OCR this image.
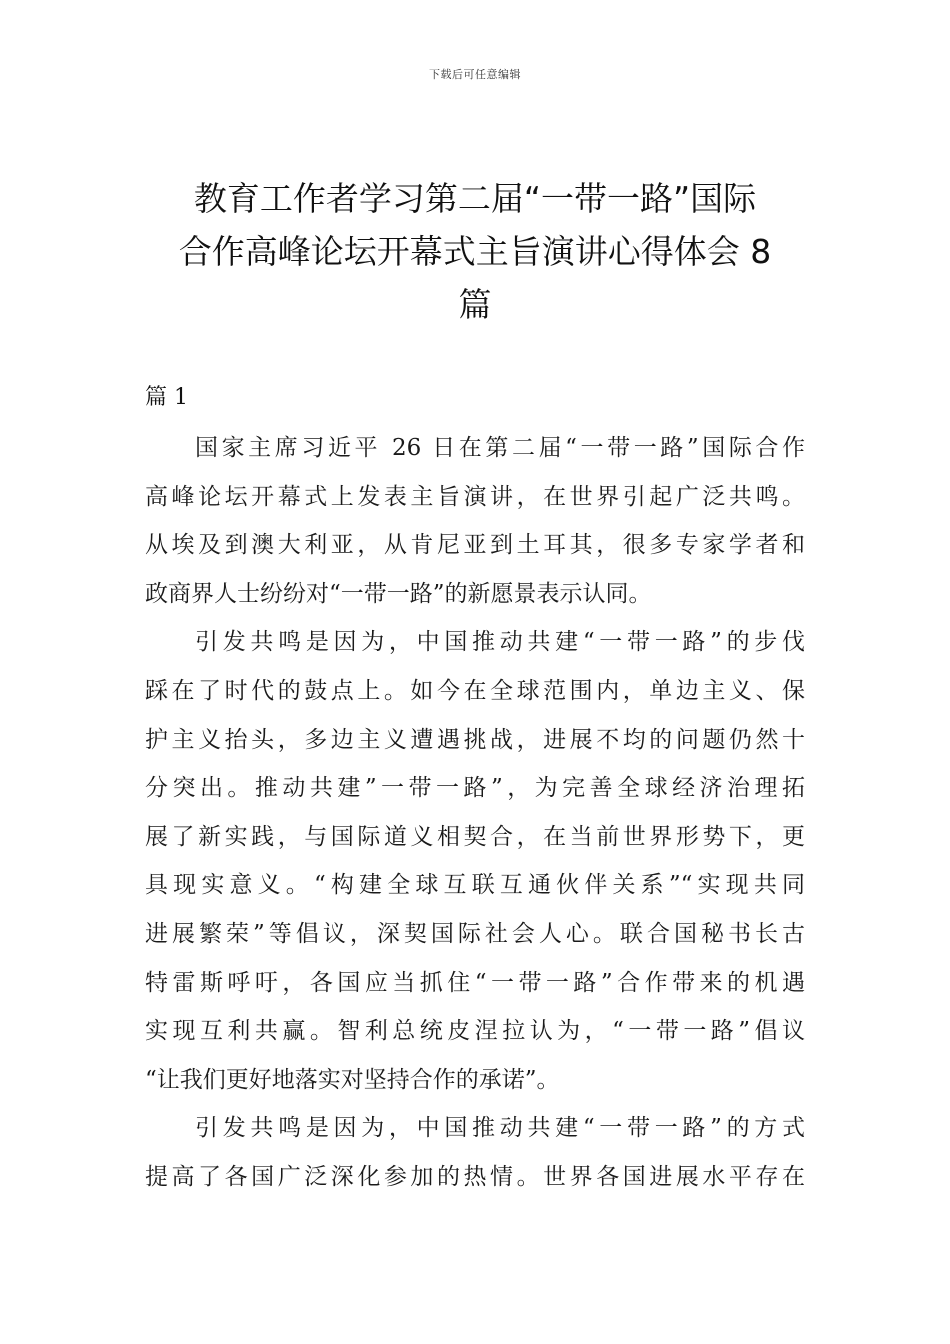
下载后可任意编辑
教育工作者学习第二届“一带一路”国际
合作高峰论坛开幕式主旨演讲心得体会 8
篇
篇 1

国家主席习近平 26 日在第二届“一带一路”国际合作
高峰论坛开幕式上发表主旨演讲，在世界引起广泛共鸣。
从埃及到澳大利亚，从肯尼亚到土耳其，很多专家学者和
政商界人士纷纷对“一带一路”的新愿景表示认同。

引发共鸣是因为，中国推动共建“一带一路”的步伐
踩在了时代的鼓点上。如今在全球范围内，单边主义、保
护主义抬头，多边主义遭遇挑战，进展不均的问题仍然十
分突出。推动共建”一带一路”，为完善全球经济治理拓
展了新实践，与国际道义相契合，在当前世界形势下，更
具现实意义。“构建全球互联互通伙伴关系”“实现共同
进展繁荣”等倡议，深契国际社会人心。联合国秘书长古
特雷斯呼吁，各国应当抓住“一带一路”合作带来的机遇
实现互利共赢。智利总统皮涅拉认为，“一带一路”倡议
“让我们更好地落实对坚持合作的承诺”。

引发共鸣是因为，中国推动共建“一带一路”的方式
提高了各国广泛深化参加的热情。世界各国进展水平存在
